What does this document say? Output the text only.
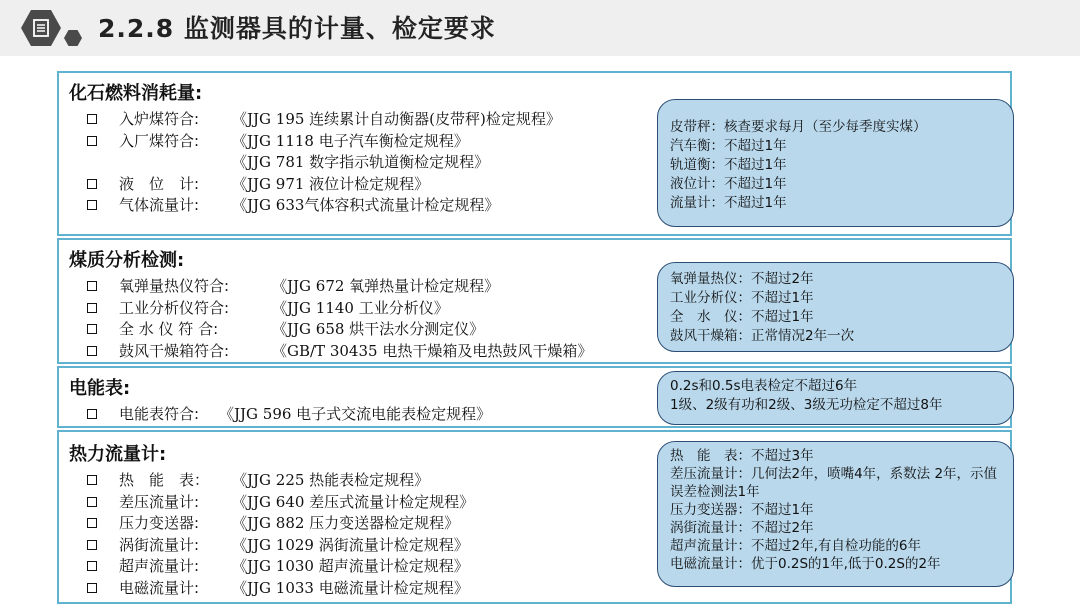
2.2.8 监测器具的计量、检定要求
化石燃料消耗量:
入炉煤符合: 《JJG 195 连续累计自动衡器(皮带秤)检定规程》
入厂煤符合: 《JJG 1118 电子汽车衡检定规程》
《JJG 781 数字指示轨道衡检定规程》
液　位　计: 《JJG 971 液位计检定规程》
气体流量计: 《JJG 633气体容积式流量计检定规程》
皮带秤：核查要求每月（至少每季度实煤）
汽车衡：不超过1年
轨道衡：不超过1年
液位计：不超过1年
流量计：不超过1年
煤质分析检测:
氧弹量热仪符合:	《JJG 672 氧弹热量计检定规程》
工业分析仪符合:	《JJG 1140 工业分析仪》
全 水 仪 符 合:	《JJG 658 烘干法水分测定仪》
鼓风干燥箱符合:	《GB/T 30435 电热干燥箱及电热鼓风干燥箱》
氧弹量热仪：不超过2年
工业分析仪：不超过1年
全　水　仪：不超过1年
鼓风干燥箱：正常情况2年一次
电能表:
电能表符合: 《JJG 596 电子式交流电能表检定规程》
0.2s和0.5s电表检定不超过6年
1级、2级有功和2级、3级无功检定不超过8年
热力流量计:
热　能　表： 《JJG 225 热能表检定规程》
差压流量计: 《JJG 640 差压式流量计检定规程》
压力变送器: 《JJG 882 压力变送器检定规程》
涡街流量计: 《JJG 1029 涡街流量计检定规程》
超声流量计: 《JJG 1030 超声流量计检定规程》
电磁流量计: 《JJG 1033 电磁流量计检定规程》
热　能　表：不超过3年
差压流量计：几何法2年，喷嘴4年，系数法 2年，示值误差检测法1年
压力变送器：不超过1年
涡街流量计：不超过2年
超声流量计：不超过2年,有自检功能的6年
电磁流量计：优于0.2S的1年,低于0.2S的2年
